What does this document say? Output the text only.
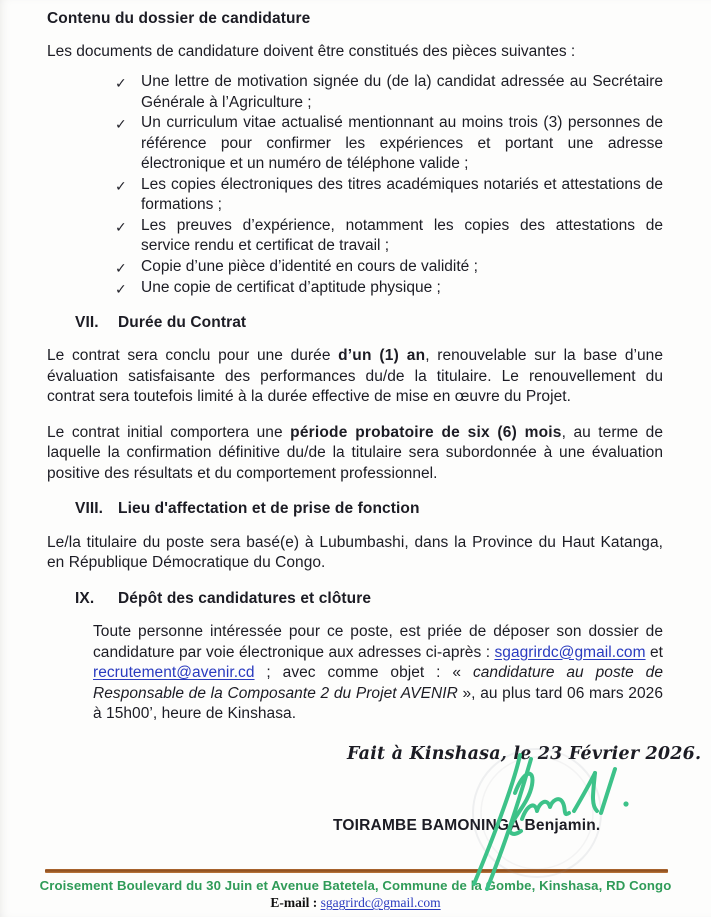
Contenu du dossier de candidature

Les documents de candidature doivent être constitués des pièces suivantes :

✓ Une lettre de motivation signée du (de la) candidat adressée au Secrétaire Générale à l’Agriculture ;
✓ Un curriculum vitae actualisé mentionnant au moins trois (3) personnes de référence pour confirmer les expériences et portant une adresse électronique et un numéro de téléphone valide ;
✓ Les copies électroniques des titres académiques notariés et attestations de formations ;
✓ Les preuves d’expérience, notamment les copies des attestations de service rendu et certificat de travail ;
✓ Copie d’une pièce d’identité en cours de validité ;
✓ Une copie de certificat d’aptitude physique ;
VII.	Durée du Contrat

Le contrat sera conclu pour une durée d’un (1) an, renouvelable sur la base d’une évaluation satisfaisante des performances du/de la titulaire. Le renouvellement du contrat sera toutefois limité à la durée effective de mise en œuvre du Projet.

Le contrat initial comportera une période probatoire de six (6) mois, au terme de laquelle la confirmation définitive du/de la titulaire sera subordonnée à une évaluation positive des résultats et du comportement professionnel.

VIII. Lieu d'affectation et de prise de fonction

Le/la titulaire du poste sera basé(e) à Lubumbashi, dans la Province du Haut Katanga, en République Démocratique du Congo.

IX.	Dépôt des candidatures et clôture

Toute personne intéressée pour ce poste, est priée de déposer son dossier de candidature par voie électronique aux adresses ci-après : sgagrirdc@gmail.com et recrutement@avenir.cd ; avec comme objet : « candidature au poste de Responsable de la Composante 2 du Projet AVENIR », au plus tard 06 mars 2026 à 15h00’, heure de Kinshasa.

Fait à Kinshasa, le 23 Février 2026.
TOIRAMBE BAMONINGA Benjamin.
Croisement Boulevard du 30 Juin et Avenue Batetela, Commune de la Gombe, Kinshasa, RD Congo
E-mail : sgagrirdc@gmail.com
